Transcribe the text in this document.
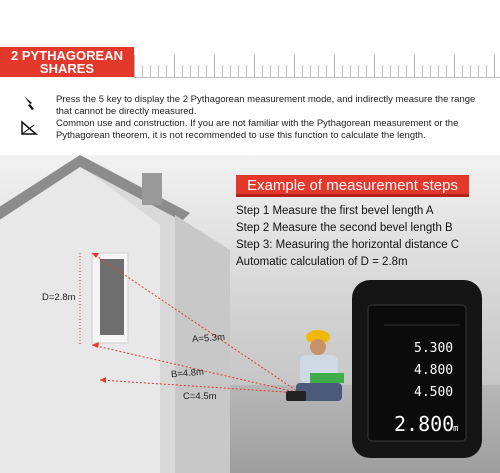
2 PYTHAGOREAN
SHARES
Press the 5 key to display the 2 Pythagorean measurement mode, and indirectly measure the range that cannot be directly measured.
Common use and construction. If you are not familiar with the Pythagorean measurement or the Pythagorean theorem, it is not recommended to use this function to calculate the length.
5.300
4.800
4.500
2.800
m
D=2.8m
A=5.3m
B=4.8m
C=4.5m
Example of measurement steps
Step 1 Measure the first bevel length A
Step 2 Measure the second bevel length B
Step 3: Measuring the horizontal distance C
Automatic calculation of D = 2.8m
